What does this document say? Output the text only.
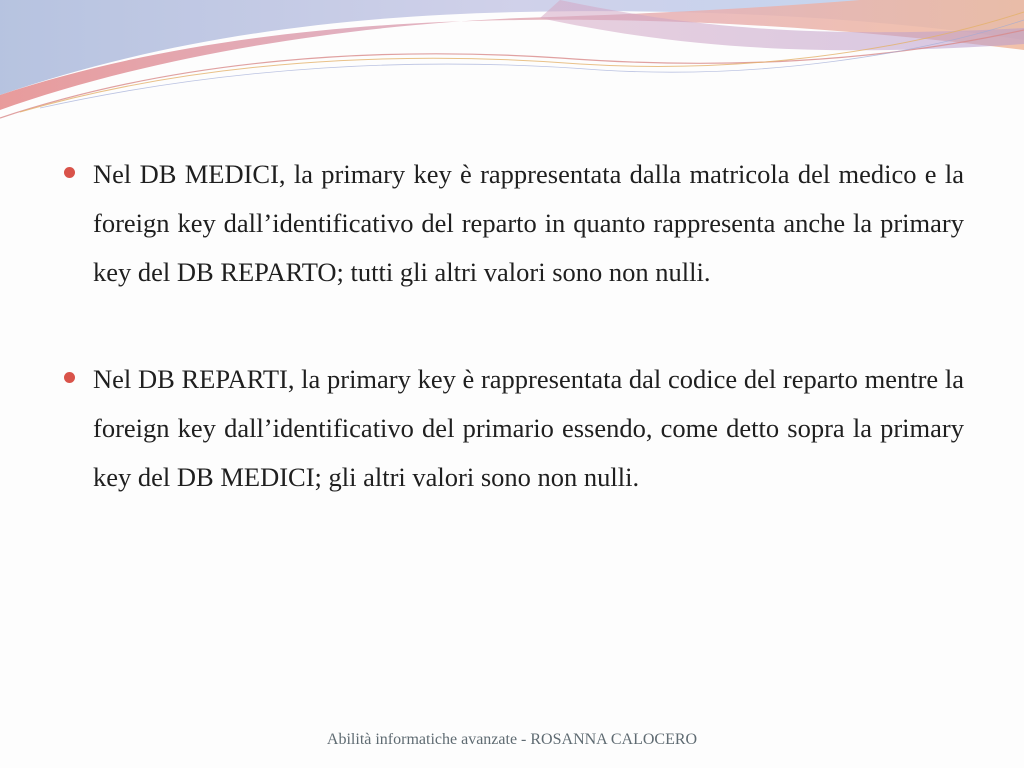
Nel DB MEDICI, la primary key è rappresentata dalla matricola del medico e la foreign key dall’identificativo del reparto in quanto rappresenta anche la primary key del DB REPARTO; tutti gli altri valori sono non nulli.
Nel DB REPARTI, la primary key è rappresentata dal codice del reparto mentre la foreign key dall’identificativo del primario essendo, come detto sopra la primary key del DB MEDICI; gli altri valori sono non nulli.
Abilità informatiche avanzate - ROSANNA CALOCERO
